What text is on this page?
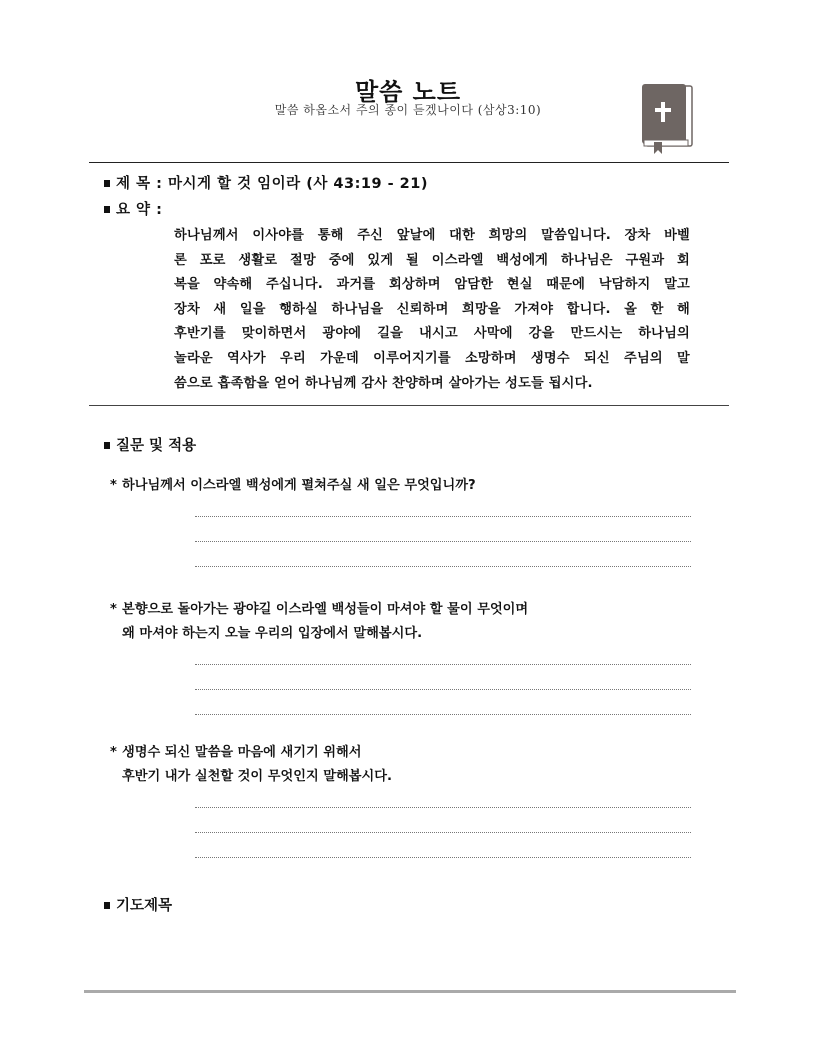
말씀 노트
말씀 하옵소서 주의 종이 듣겠나이다 (삼상3:10)
제 목 : 마시게 할 것 임이라 (사 43:19 - 21)
요 약 :
하나님께서 이사야를 통해 주신 앞날에 대한 희망의 말씀입니다. 장차 바벨
론 포로 생활로 절망 중에 있게 될 이스라엘 백성에게 하나님은 구원과 회
복을 약속해 주십니다. 과거를 회상하며 암담한 현실 때문에 낙담하지 말고
장차 새 일을 행하실 하나님을 신뢰하며 희망을 가져야 합니다. 올 한 해
후반기를 맞이하면서 광야에 길을 내시고 사막에 강을 만드시는 하나님의
놀라운 역사가 우리 가운데 이루어지기를 소망하며 생명수 되신 주님의 말
씀으로 흡족함을 얻어 하나님께 감사 찬양하며 살아가는 성도들 됩시다.
질문 및 적용
* 하나님께서 이스라엘 백성에게 펼쳐주실 새 일은 무엇입니까?
* 본향으로 돌아가는 광야길 이스라엘 백성들이 마셔야 할 물이 무엇이며
왜 마셔야 하는지 오늘 우리의 입장에서 말해봅시다.
* 생명수 되신 말씀을 마음에 새기기 위해서
후반기 내가 실천할 것이 무엇인지 말해봅시다.
기도제목
